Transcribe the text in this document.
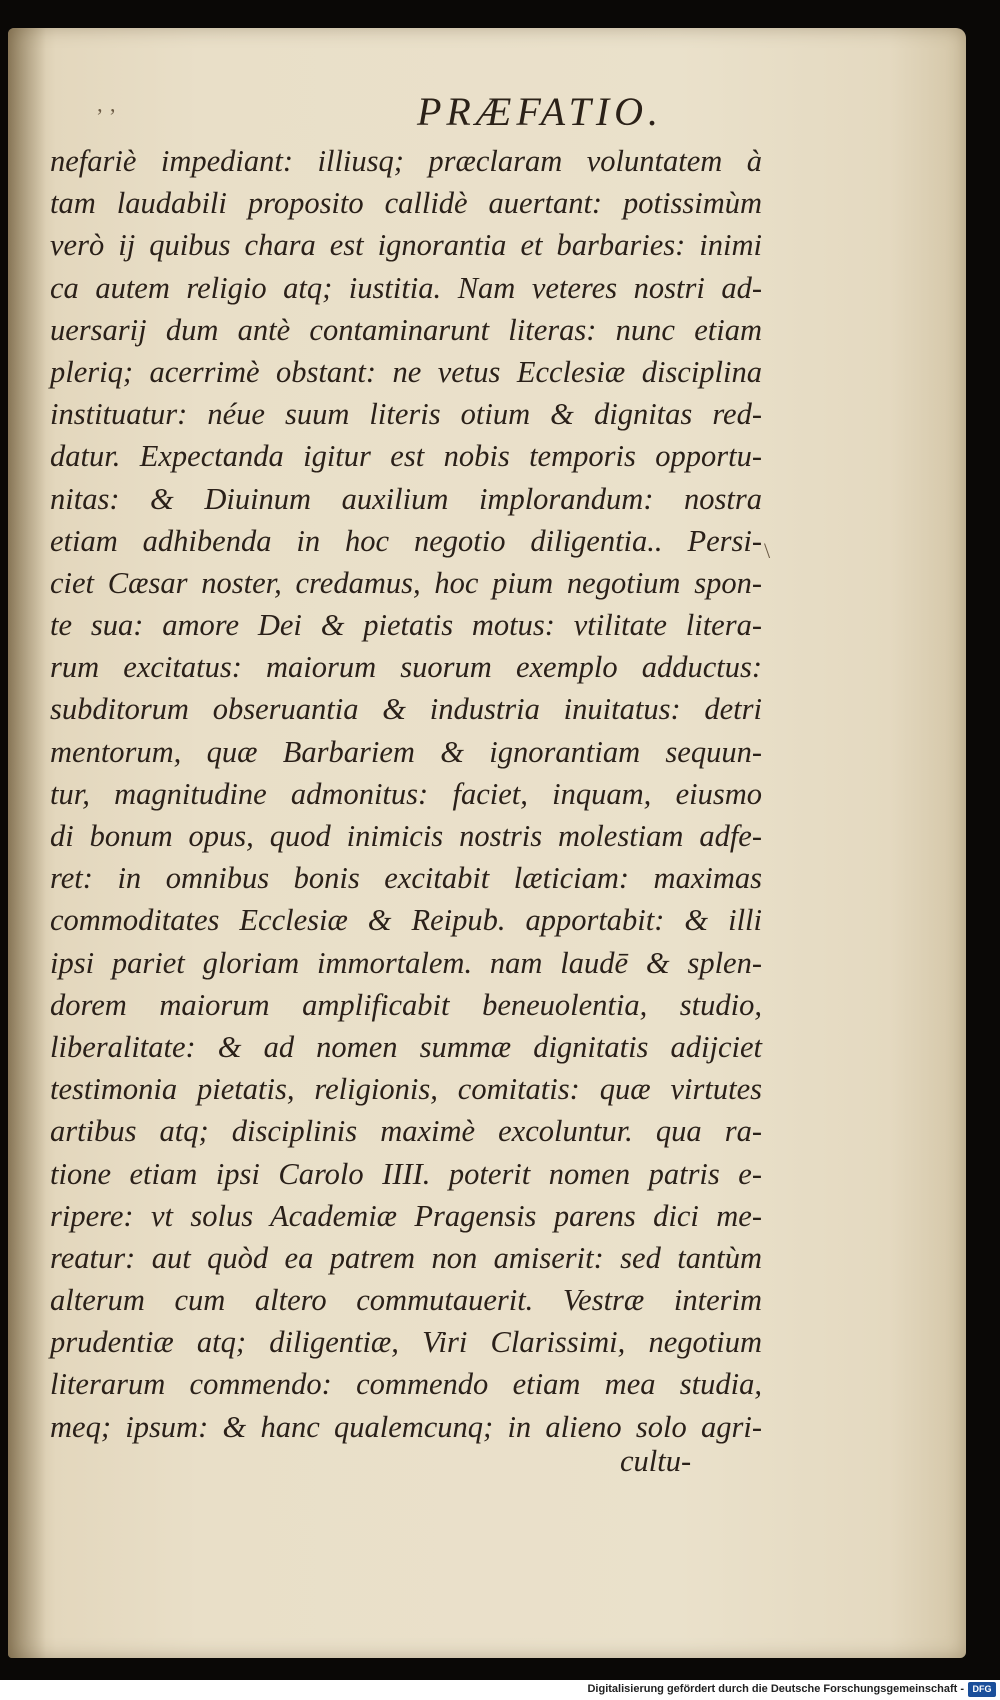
ʼ ʼ
\
PRÆFATIO.
nefariè impediant: illiusq; præclaram voluntatem à
tam laudabili proposito callidè auertant: potissimùm
verò ij quibus chara est ignorantia et barbaries: inimi
ca autem religio atq; iustitia. Nam veteres nostri ad-
uersarij dum antè contaminarunt literas: nunc etiam
pleriq; acerrimè obstant: ne vetus Ecclesiæ disciplina
instituatur: néue suum literis otium & dignitas red-
datur. Expectanda igitur est nobis temporis opportu-
nitas: & Diuinum auxilium implorandum: nostra
etiam adhibenda in hoc negotio diligentia.. Persi-
ciet Cæsar noster, credamus, hoc pium negotium spon-
te sua: amore Dei & pietatis motus: vtilitate litera-
rum excitatus: maiorum suorum exemplo adductus:
subditorum obseruantia & industria inuitatus: detri
mentorum, quæ Barbariem & ignorantiam sequun-
tur, magnitudine admonitus: faciet, inquam, eiusmo
di bonum opus, quod inimicis nostris molestiam adfe-
ret: in omnibus bonis excitabit læticiam: maximas
commoditates Ecclesiæ & Reipub. apportabit: & illi
ipsi pariet gloriam immortalem. nam laudē & splen-
dorem maiorum amplificabit beneuolentia, studio,
liberalitate: & ad nomen summæ dignitatis adijciet
testimonia pietatis, religionis, comitatis: quæ virtutes
artibus atq; disciplinis maximè excoluntur. qua ra-
tione etiam ipsi Carolo IIII. poterit nomen patris e-
ripere: vt solus Academiæ Pragensis parens dici me-
reatur: aut quòd ea patrem non amiserit: sed tantùm
alterum cum altero commutauerit. Vestræ interim
prudentiæ atq; diligentiæ, Viri Clarissimi, negotium
literarum commendo: commendo etiam mea studia,
meq; ipsum: & hanc qualemcunq; in alieno solo agri-
cultu-
Digitalisierung gefördert durch die Deutsche Forschungsgemeinschaft - DFG
